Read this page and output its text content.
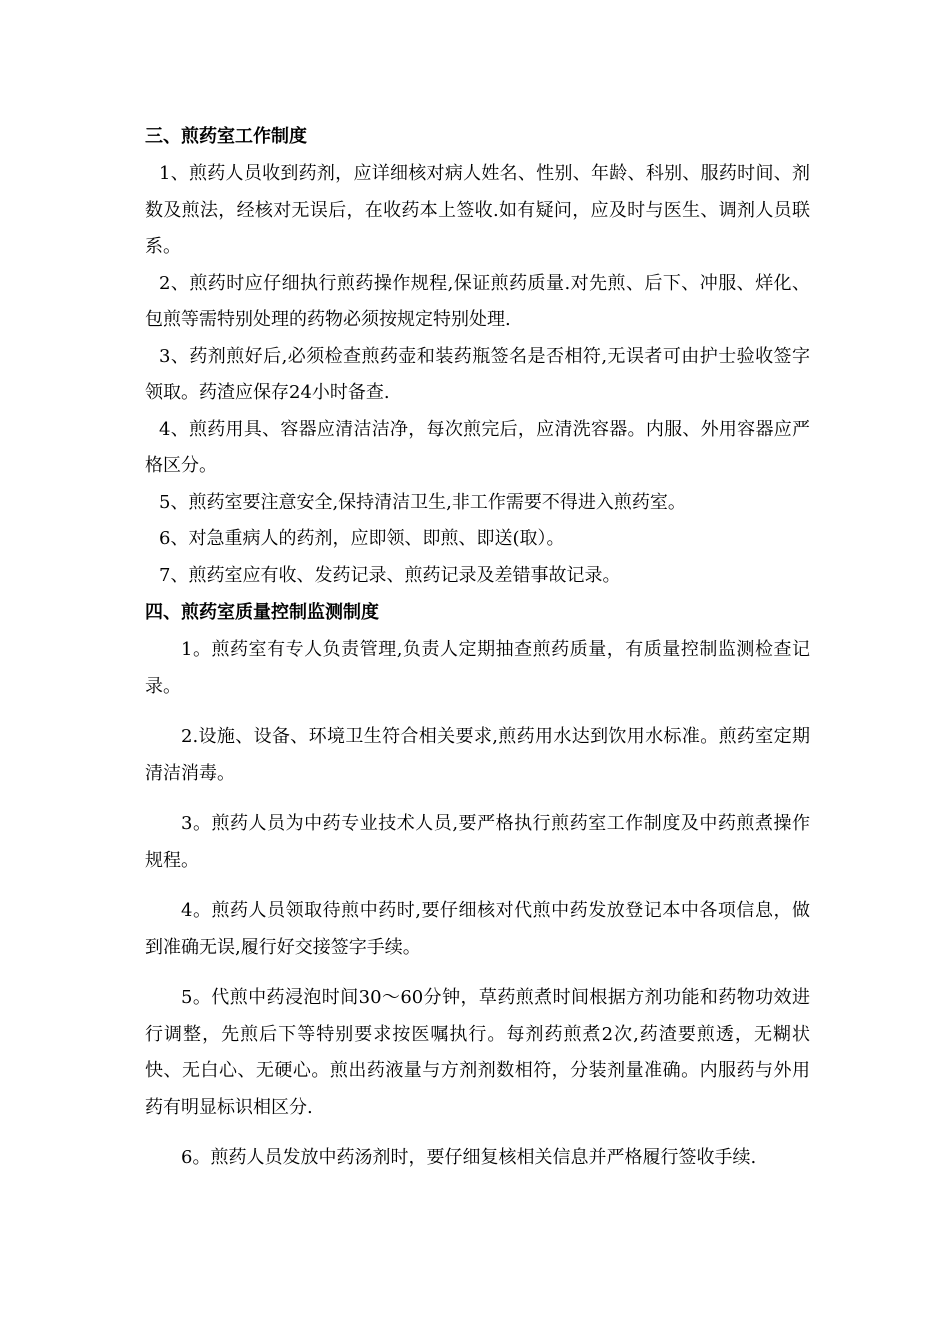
三、煎药室工作制度

1、煎药人员收到药剂，应详细核对病人姓名、性别、年龄、科别、服药时间、剂数及煎法，经核对无误后，在收药本上签收.如有疑问，应及时与医生、调剂人员联系。

2、煎药时应仔细执行煎药操作规程,保证煎药质量.对先煎、后下、冲服、烊化、包煎等需特别处理的药物必须按规定特别处理.

3、药剂煎好后,必须检查煎药壶和装药瓶签名是否相符,无误者可由护士验收签字领取。药渣应保存24小时备查.

4、煎药用具、容器应清洁洁净，每次煎完后，应清洗容器。内服、外用容器应严格区分。

5、煎药室要注意安全,保持清洁卫生,非工作需要不得进入煎药室。

6、对急重病人的药剂，应即领、即煎、即送(取）。

7、煎药室应有收、发药记录、煎药记录及差错事故记录。

四、煎药室质量控制监测制度

1。煎药室有专人负责管理,负责人定期抽查煎药质量，有质量控制监测检查记录。

2.设施、设备、环境卫生符合相关要求,煎药用水达到饮用水标准。煎药室定期清洁消毒。

3。煎药人员为中药专业技术人员,要严格执行煎药室工作制度及中药煎煮操作规程。

4。煎药人员领取待煎中药时,要仔细核对代煎中药发放登记本中各项信息，做到准确无误,履行好交接签字手续。

5。代煎中药浸泡时间30～60分钟，草药煎煮时间根据方剂功能和药物功效进行调整，先煎后下等特别要求按医嘱执行。每剂药煎煮2次,药渣要煎透，无糊状快、无白心、无硬心。煎出药液量与方剂剂数相符，分装剂量准确。内服药与外用药有明显标识相区分.

6。煎药人员发放中药汤剂时，要仔细复核相关信息并严格履行签收手续.
